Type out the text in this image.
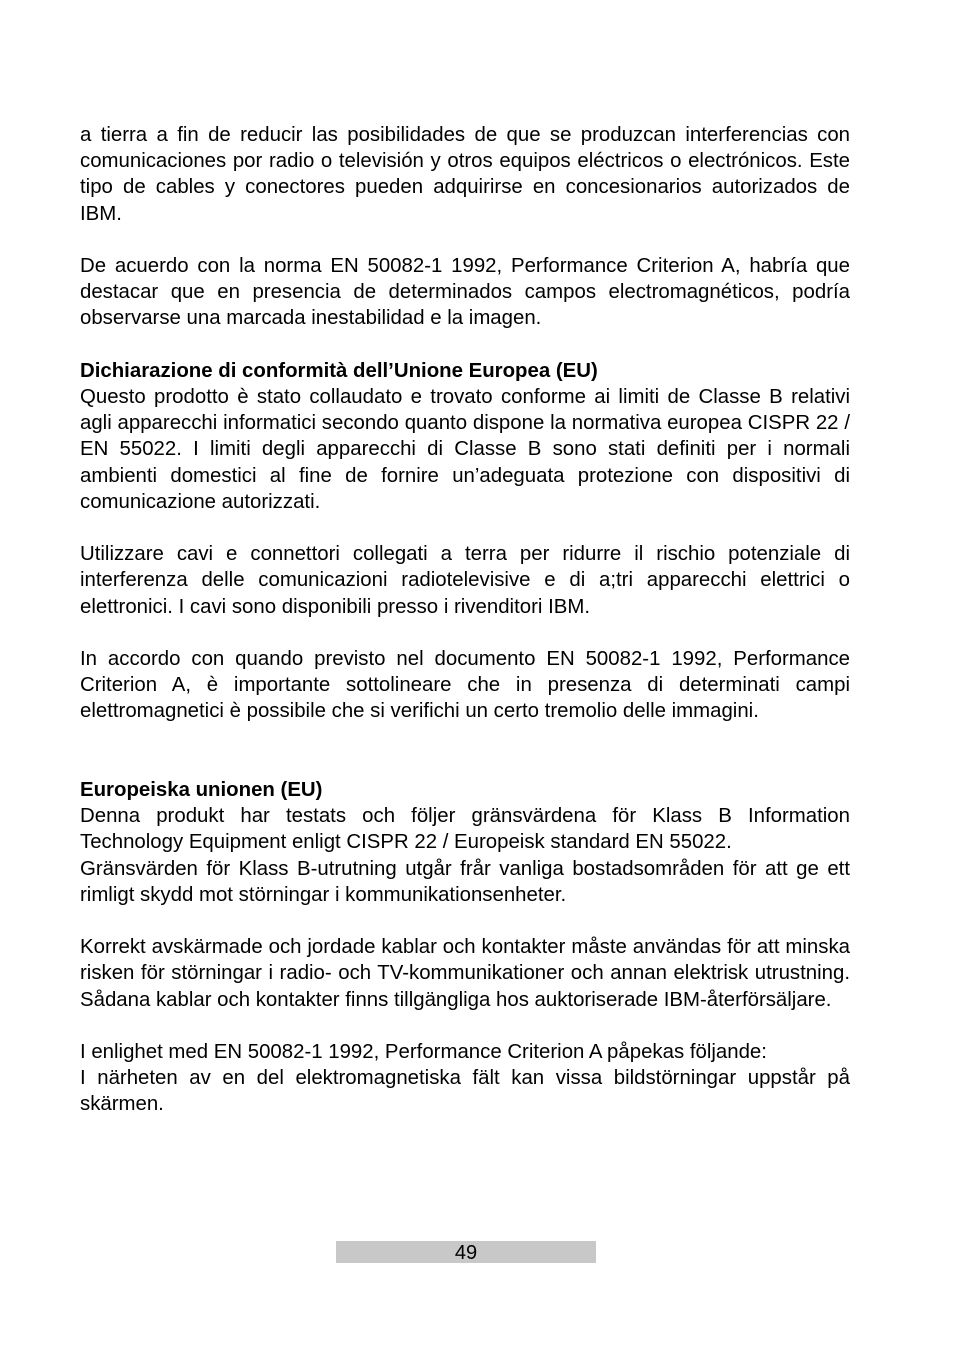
a tierra a fin de reducir las posibilidades de que se produzcan interferencias con comunicaciones por radio o televisión y otros equipos eléctricos o electrónicos. Este tipo de cables y conectores pueden adquirirse en concesionarios autorizados de IBM.

De acuerdo con la norma EN 50082-1 1992, Performance Criterion A, habría que destacar que en presencia de determinados campos electromagnéticos, podría observarse una marcada inestabilidad e la imagen.

Dichiarazione di conformità dell’Unione Europea (EU)

Questo prodotto è stato collaudato e trovato conforme ai limiti de Classe B relativi agli apparecchi informatici secondo quanto dispone la normativa europea CISPR 22 / EN 55022. I limiti degli apparecchi di Classe B sono stati definiti per i normali ambienti domestici al fine de fornire un’adeguata protezione con dispositivi di comunicazione autorizzati.

Utilizzare cavi e connettori collegati a terra per ridurre il rischio potenziale di interferenza delle comunicazioni radiotelevisive e di a;tri apparecchi elettrici o elettronici. I cavi sono disponibili presso i rivenditori IBM.

In accordo con quando previsto nel documento EN 50082-1 1992, Performance Criterion A, è importante sottolineare che in presenza di determinati campi elettromagnetici è possibile che si verifichi un certo tremolio delle immagini.

Europeiska unionen (EU)

Denna produkt har testats och följer gränsvärdena för Klass B Information Technology Equipment enligt CISPR 22 / Europeisk standard EN 55022.

Gränsvärden för Klass B-utrutning utgår frår vanliga bostadsområden för att ge ett rimligt skydd mot störningar i kommunikationsenheter.

Korrekt avskärmade och jordade kablar och kontakter måste användas för att minska risken för störningar i radio- och TV-kommunikationer och annan elektrisk utrustning. Sådana kablar och kontakter finns tillgängliga hos auktoriserade IBM-återförsäljare.

I enlighet med EN 50082-1 1992, Performance Criterion A påpekas följande:

I närheten av en del elektromagnetiska fält kan vissa bildstörningar uppstår på skärmen.

49
